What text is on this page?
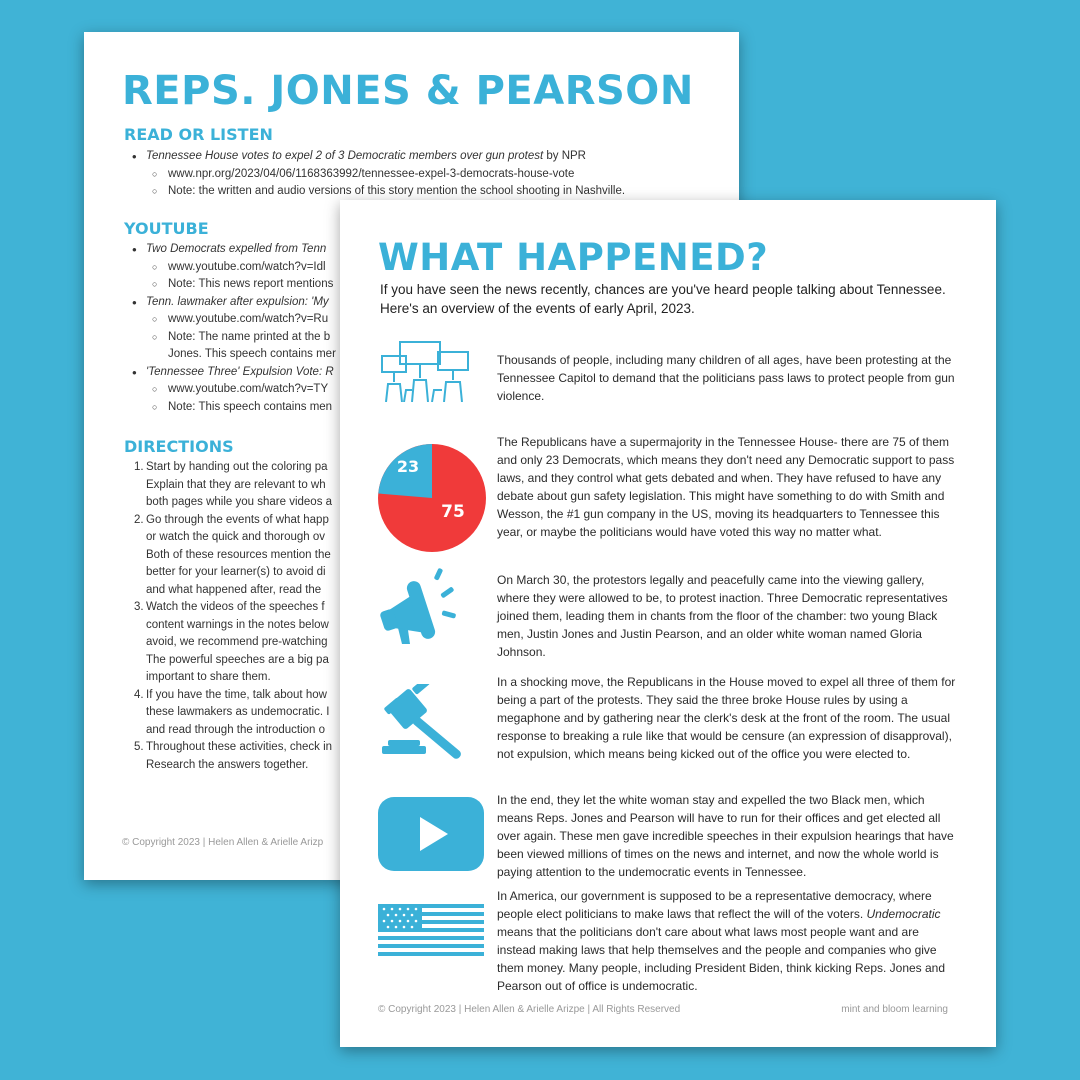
REPS. JONES & PEARSON
READ OR LISTEN
• Tennessee House votes to expel 2 of 3 Democratic members over gun protest by NPR
○ www.npr.org/2023/04/06/1168363992/tennessee-expel-3-democrats-house-vote
○ Note: the written and audio versions of this story mention the school shooting in Nashville.
YOUTUBE
• Two Democrats expelled from Tenn
○ www.youtube.com/watch?v=Idl
○ Note: This news report mentions
• Tenn. lawmaker after expulsion: 'My
○ www.youtube.com/watch?v=Ru
○ Note: The name printed at the b
Jones. This speech contains mer
• 'Tennessee Three' Expulsion Vote: R
○ www.youtube.com/watch?v=TY
○ Note: This speech contains men
DIRECTIONS
1. Start by handing out the coloring pa
Explain that they are relevant to wh
both pages while you share videos a
2. Go through the events of what happ
or watch the quick and thorough ov
Both of these resources mention the
better for your learner(s) to avoid di
and what happened after, read the
3. Watch the videos of the speeches f
content warnings in the notes below
avoid, we recommend pre-watching
The powerful speeches are a big pa
important to share them.
4. If you have the time, talk about how
these lawmakers as undemocratic. I
and read through the introduction o
5. Throughout these activities, check in
Research the answers together.
© Copyright 2023 | Helen Allen & Arielle Arizp
WHAT HAPPENED?

If you have seen the news recently, chances are you've heard people talking about Tennessee. Here's an overview of the events of early April, 2023.

Thousands of people, including many children of all ages, have been protesting at the Tennessee Capitol to demand that the politicians pass laws to protect people from gun violence.

23
75

The Republicans have a supermajority in the Tennessee House- there are 75 of them and only 23 Democrats, which means they don't need any Democratic support to pass laws, and they control what gets debated and when. They have refused to have any debate about gun safety legislation. This might have something to do with Smith and Wesson, the #1 gun company in the US, moving its headquarters to Tennessee this year, or maybe the politicians would have voted this way no matter what.

On March 30, the protestors legally and peacefully came into the viewing gallery, where they were allowed to be, to protest inaction. Three Democratic representatives joined them, leading them in chants from the floor of the chamber: two young Black men, Justin Jones and Justin Pearson, and an older white woman named Gloria Johnson.

In a shocking move, the Republicans in the House moved to expel all three of them for being a part of the protests. They said the three broke House rules by using a megaphone and by gathering near the clerk's desk at the front of the room. The usual response to breaking a rule like that would be censure (an expression of disapproval), not expulsion, which means being kicked out of the office you were elected to.

In the end, they let the white woman stay and expelled the two Black men, which means Reps. Jones and Pearson will have to run for their offices and get elected all over again. These men gave incredible speeches in their expulsion hearings that have been viewed millions of times on the news and internet, and now the whole world is paying attention to the undemocratic events in Tennessee.

In America, our government is supposed to be a representative democracy, where people elect politicians to make laws that reflect the will of the voters. Undemocratic means that the politicians don't care about what laws most people want and are instead making laws that help themselves and the people and companies who give them money. Many people, including President Biden, think kicking Reps. Jones and Pearson out of office is undemocratic.

© Copyright 2023 | Helen Allen & Arielle Arizpe | All Rights Reserved	mint and bloom learning
